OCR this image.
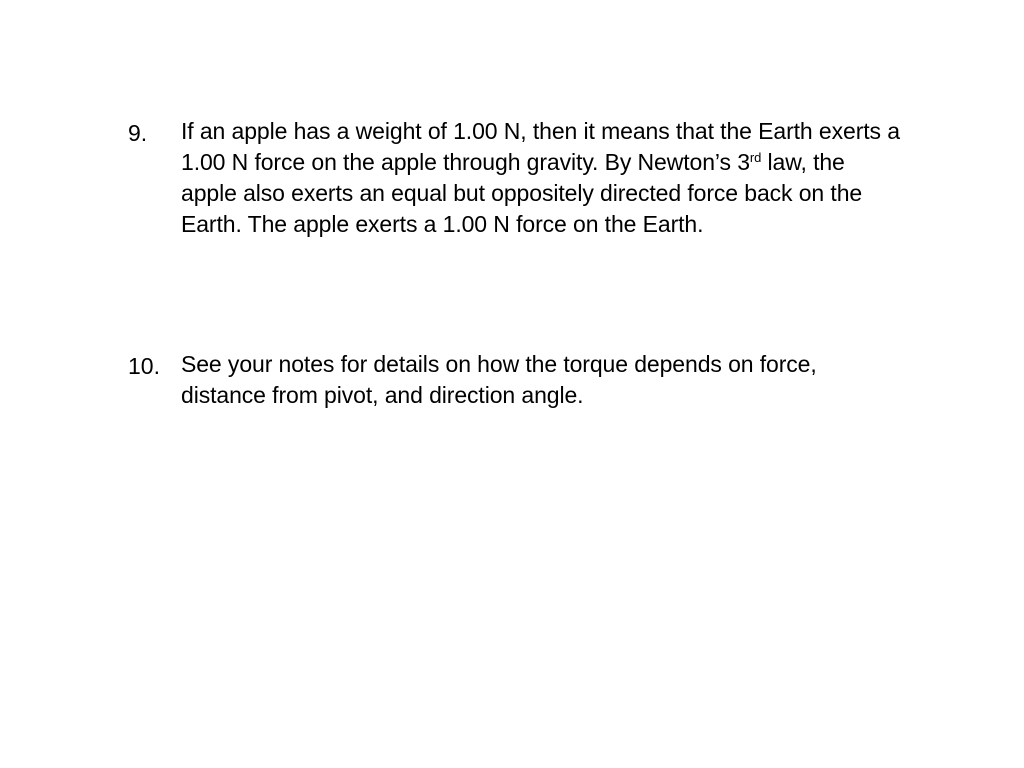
9.	If an apple has a weight of 1.00 N, then it means that the Earth exerts a 1.00 N force on the apple through gravity. By Newton’s 3rd law, the apple also exerts an equal but oppositely directed force back on the Earth. The apple exerts a 1.00 N force on the Earth.
10. See your notes for details on how the torque depends on force, distance from pivot, and direction angle.
